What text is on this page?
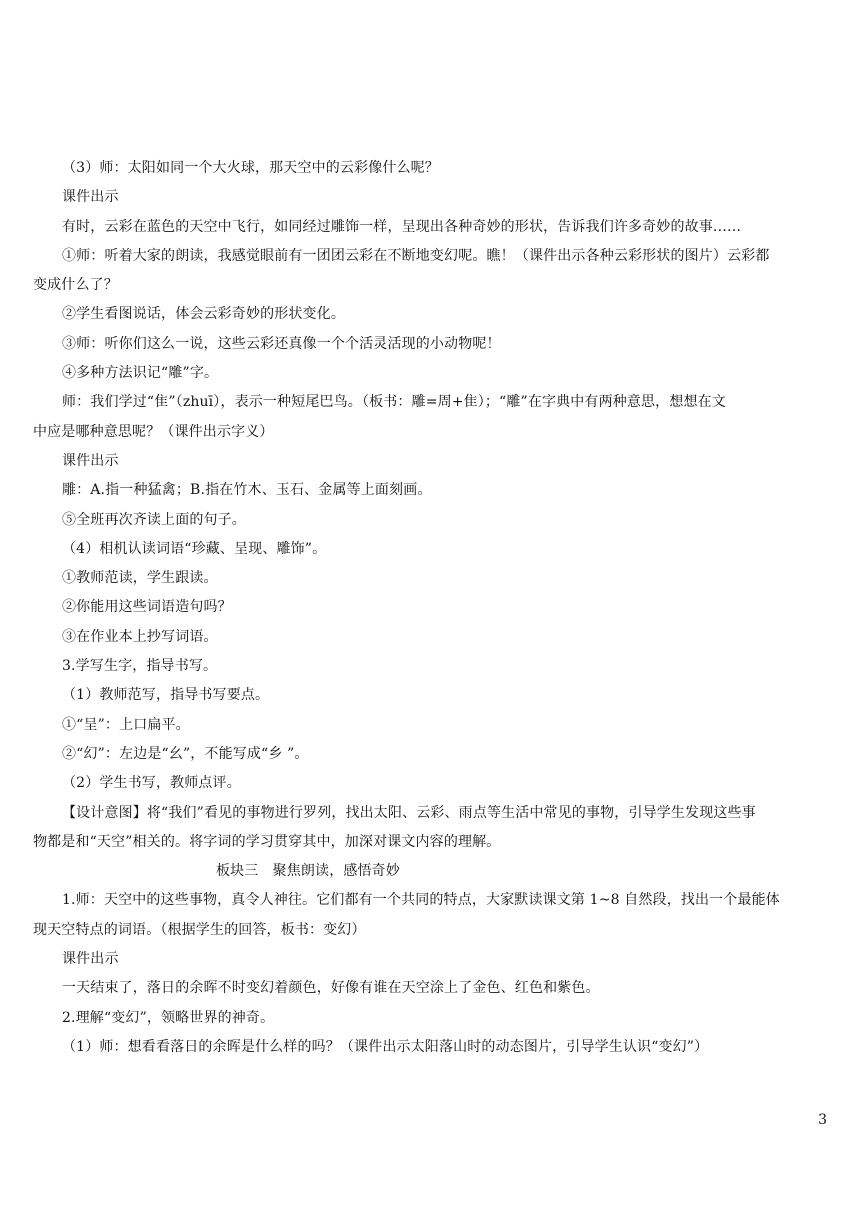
（3）师：太阳如同一个大火球，那天空中的云彩像什么呢？

课件出示

有时，云彩在蓝色的天空中飞行，如同经过雕饰一样，呈现出各种奇妙的形状，告诉我们许多奇妙的故事……

①师：听着大家的朗读，我感觉眼前有一团团云彩在不断地变幻呢。瞧！（课件出示各种云彩形状的图片）云彩都

变成什么了？

②学生看图说话，体会云彩奇妙的形状变化。

③师：听你们这么一说，这些云彩还真像一个个活灵活现的小动物呢！

④多种方法识记“雕”字。

师：我们学过“隹”（zhuī），表示一种短尾巴鸟。（板书：雕=周+隹）；“雕”在字典中有两种意思，想想在文

中应是哪种意思呢？（课件出示字义）

课件出示

雕：A.指一种猛禽；B.指在竹木、玉石、金属等上面刻画。

⑤全班再次齐读上面的句子。

（4）相机认读词语“珍藏、呈现、雕饰”。

①教师范读，学生跟读。

②你能用这些词语造句吗？

③在作业本上抄写词语。

3.学写生字，指导书写。

（1）教师范写，指导书写要点。

①“呈”：上口扁平。

②“幻”：左边是“幺”，不能写成“乡 ”。

（2）学生书写，教师点评。

【设计意图】将“我们”看见的事物进行罗列，找出太阳、云彩、雨点等生活中常见的事物，引导学生发现这些事

物都是和“天空”相关的。将字词的学习贯穿其中，加深对课文内容的理解。

板块三　聚焦朗读，感悟奇妙

1.师：天空中的这些事物，真令人神往。它们都有一个共同的特点，大家默读课文第 1~8 自然段，找出一个最能体

现天空特点的词语。（根据学生的回答，板书：变幻）

课件出示

一天结束了，落日的余晖不时变幻着颜色，好像有谁在天空涂上了金色、红色和紫色。

2.理解“变幻”，领略世界的神奇。

（1）师：想看看落日的余晖是什么样的吗？（课件出示太阳落山时的动态图片，引导学生认识“变幻”）

3
